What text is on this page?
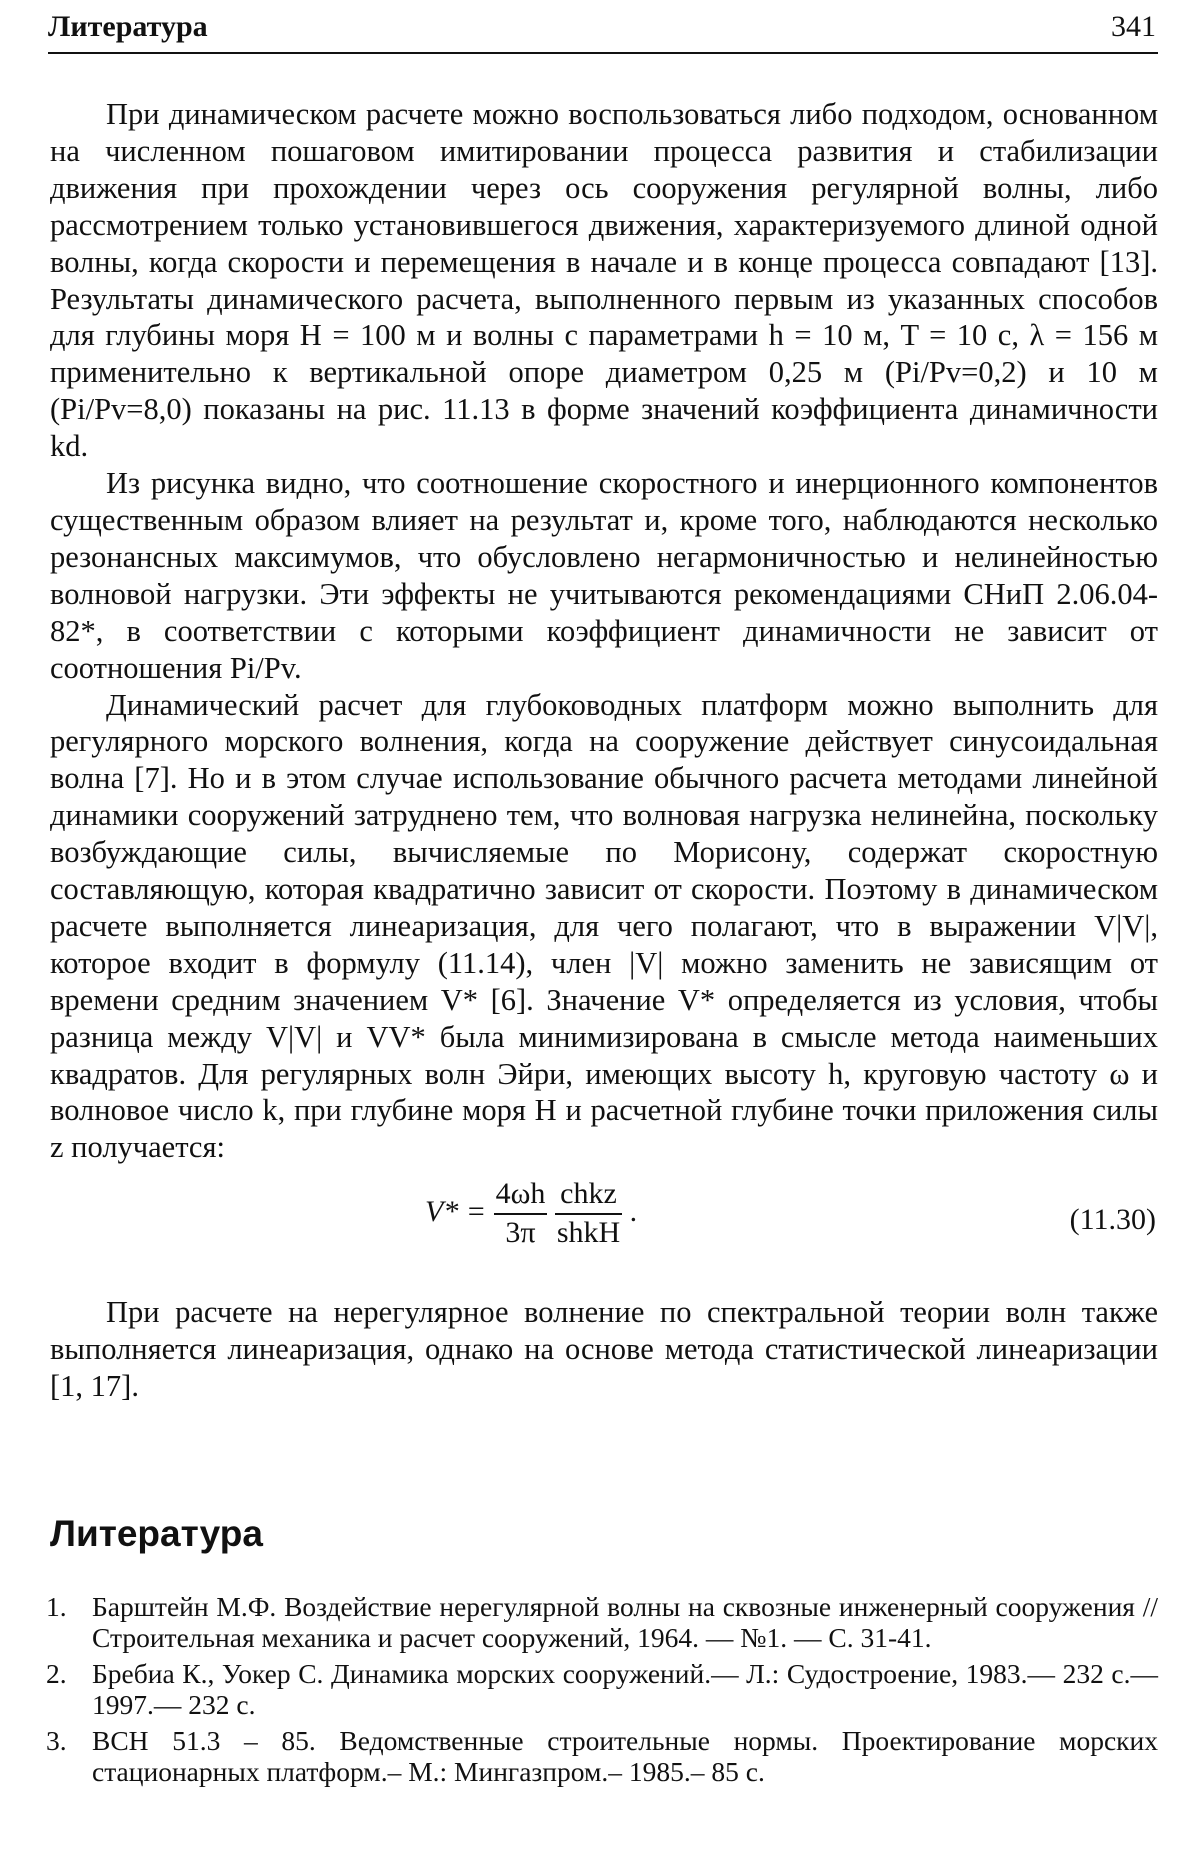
Литература	341

При динамическом расчете можно воспользоваться либо подходом, основанном на численном пошаговом имитировании процесса развития и стабилизации движения при прохождении через ось сооружения регулярной волны, либо рассмотрением только установившегося движения, характеризуемого длиной одной волны, когда скорости и перемещения в начале и в конце процесса совпадают [13]. Результаты динамического расчета, выполненного первым из указанных способов для глубины моря H = 100 м и волны с параметрами h = 10 м, T = 10 с, λ = 156 м применительно к вертикальной опоре диаметром 0,25 м (Pi/Pv=0,2) и 10 м (Pi/Pv=8,0) показаны на рис. 11.13 в форме значений коэффициента динамичности kd.

Из рисунка видно, что соотношение скоростного и инерционного компонентов существенным образом влияет на результат и, кроме того, наблюдаются несколько резонансных максимумов, что обусловлено негармоничностью и нелинейностью волновой нагрузки. Эти эффекты не учитываются рекомендациями СНиП 2.06.04-82*, в соответствии с которыми коэффициент динамичности не зависит от соотношения Pi/Pv.

Динамический расчет для глубоководных платформ можно выполнить для регулярного морского волнения, когда на сооружение действует синусоидальная волна [7]. Но и в этом случае использование обычного расчета методами линейной динамики сооружений затруднено тем, что волновая нагрузка нелинейна, поскольку возбуждающие силы, вычисляемые по Морисону, содержат скоростную составляющую, которая квадратично зависит от скорости. Поэтому в динамическом расчете выполняется линеаризация, для чего полагают, что в выражении V|V|, которое входит в формулу (11.14), член |V| можно заменить не зависящим от времени средним значением V* [6]. Значение V* определяется из условия, чтобы разница между V|V| и VV* была минимизирована в смысле метода наименьших квадратов. Для регулярных волн Эйри, имеющих высоту h, круговую частоту ω и волновое число k, при глубине моря H и расчетной глубине точки приложения силы z получается:

$V* = \frac{4\omega h}{3\pi}$
$\frac{\text{chkz}}{\text{shkH}}$ .	(11.30)

При расчете на нерегулярное волнение по спектральной теории волн также выполняется линеаризация, однако на основе метода статистической линеаризации [1, 17].

Литература
1. Барштейн М.Ф. Воздействие нерегулярной волны на сквозные инженерный сооружения // Строительная механика и расчет сооружений, 1964. — №1. — С. 31-41.
2. Бребиа К., Уокер С. Динамика морских сооружений.— Л.: Судостроение, 1983.— 232 с.— 1997.— 232 с.
3. ВСН 51.3 – 85. Ведомственные строительные нормы. Проектирование морских стационарных платформ.– М.: Мингазпром.– 1985.– 85 с.
